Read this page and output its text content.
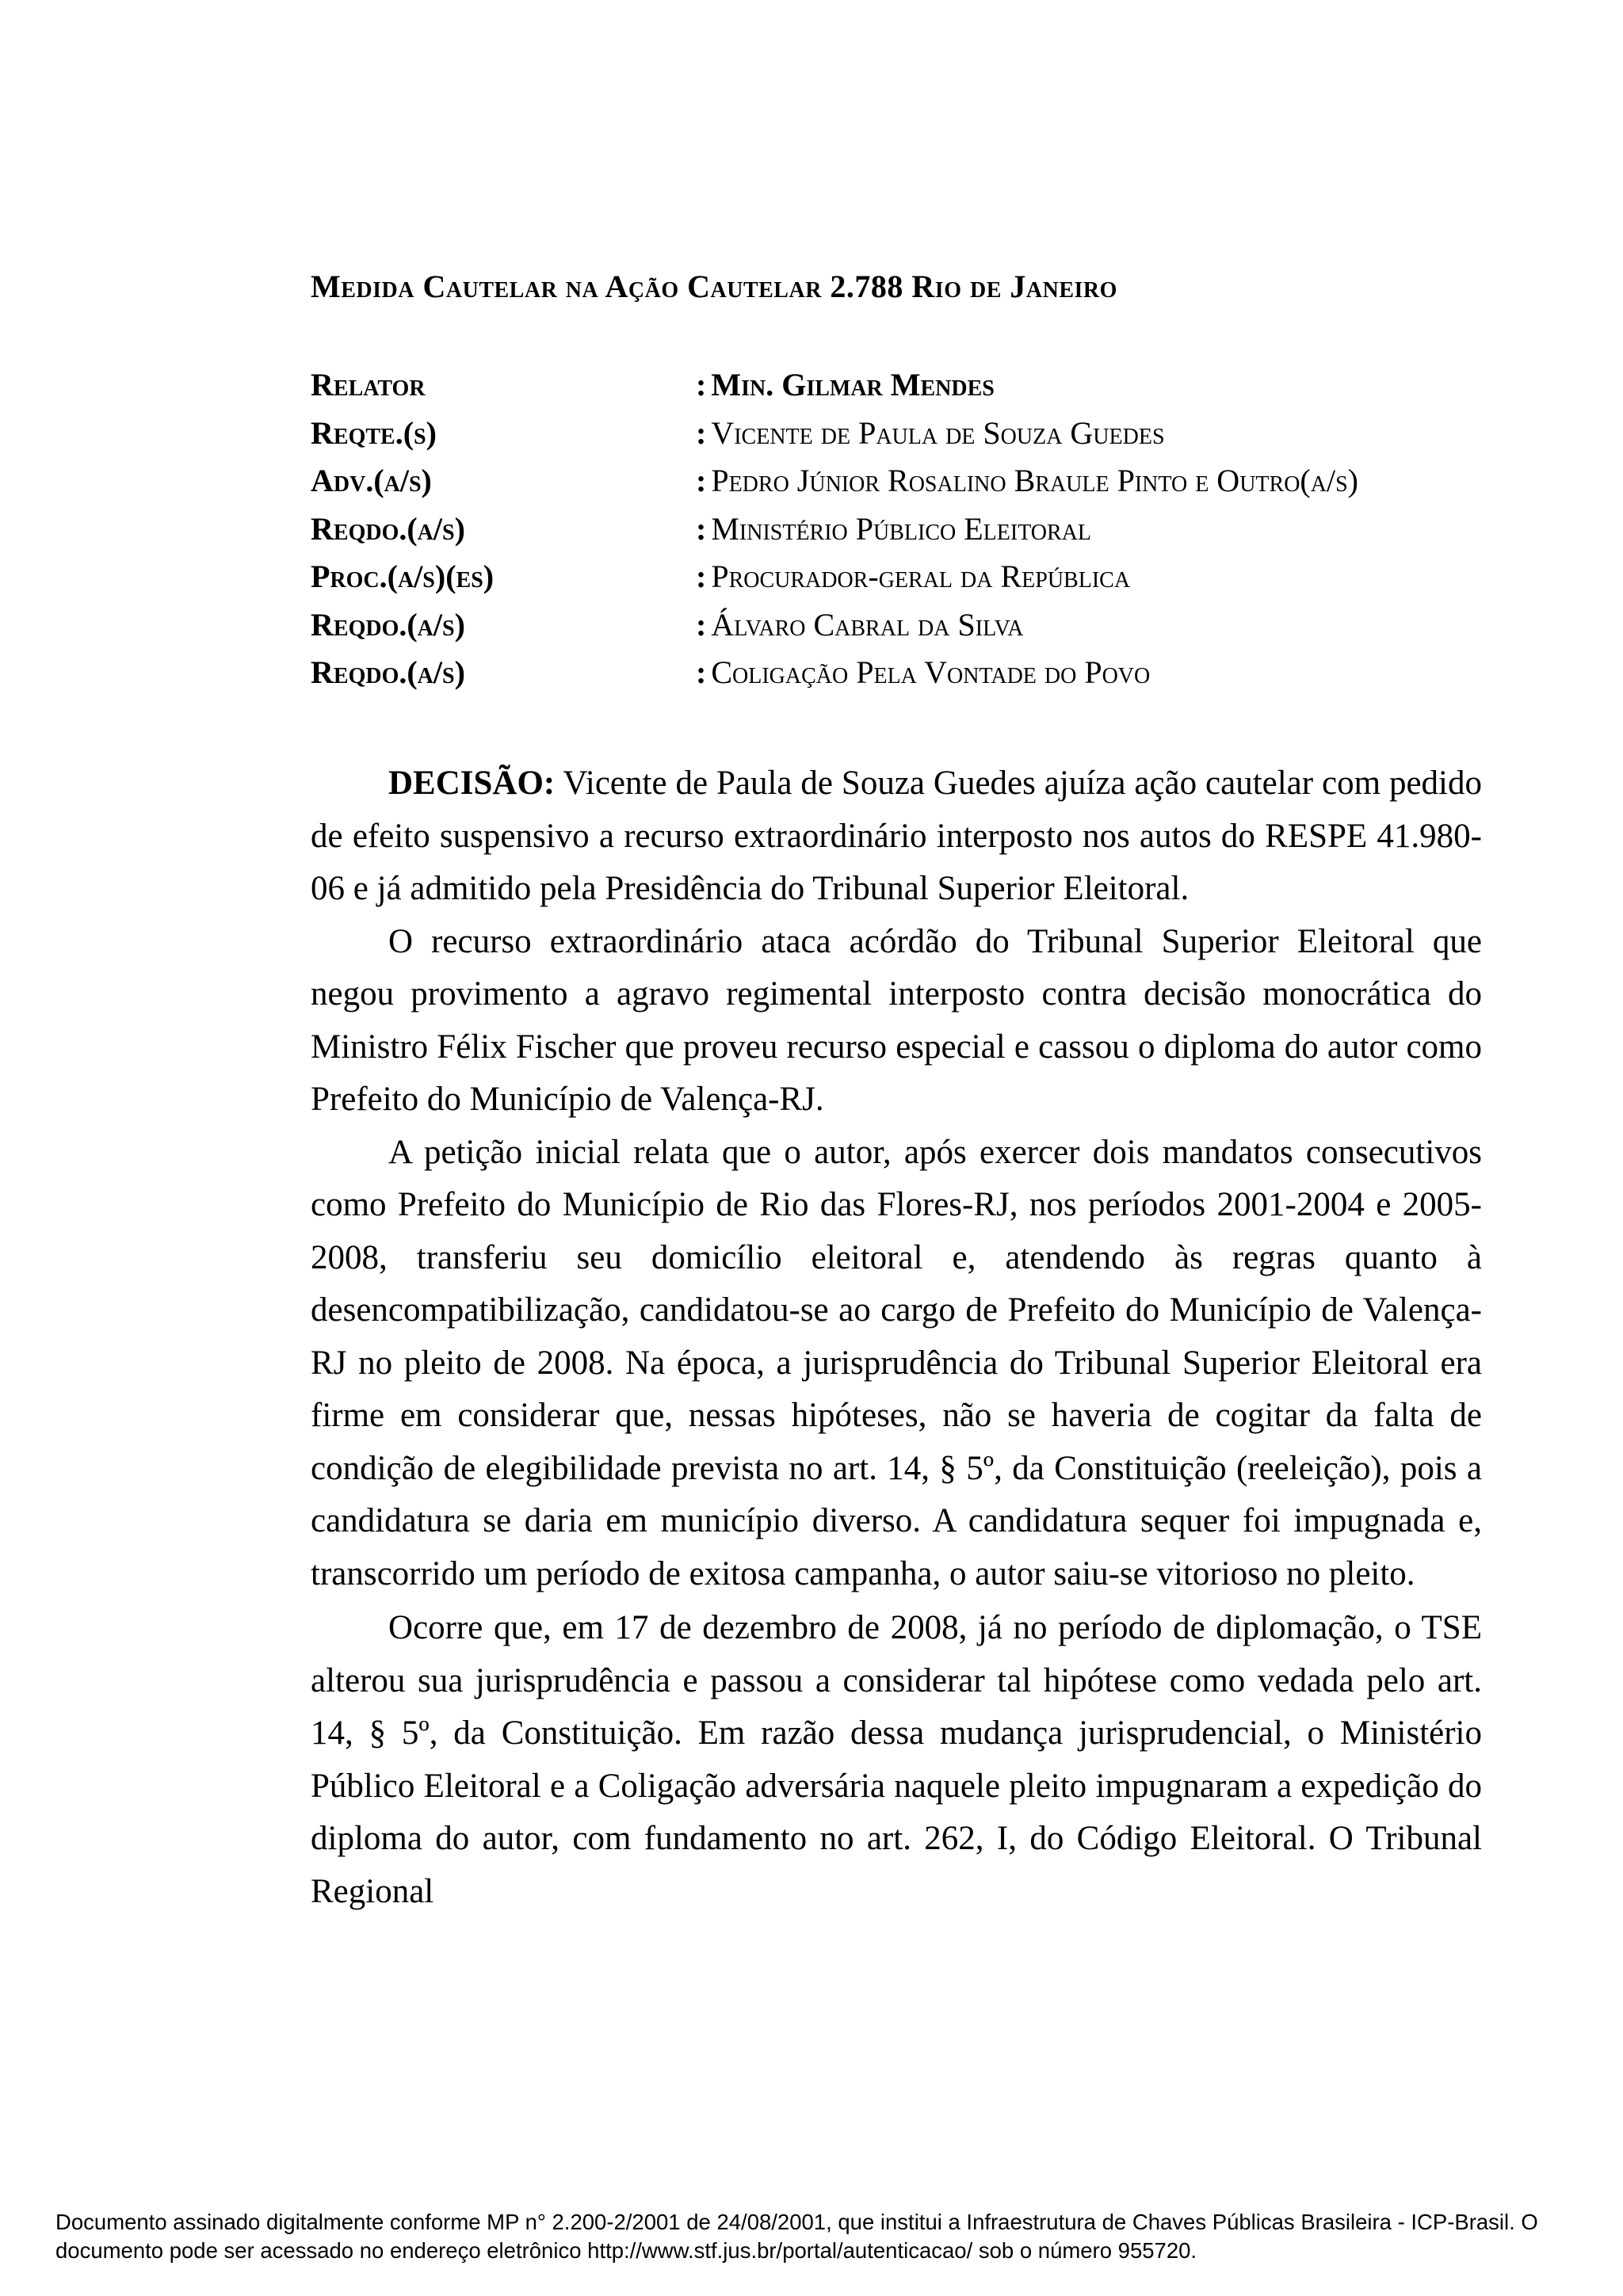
Medida Cautelar na Ação Cautelar 2.788 Rio de Janeiro
Relator	: Min. Gilmar Mendes
Reqte.(s)	: Vicente de Paula de Souza Guedes
Adv.(a/s)	: Pedro Júnior Rosalino Braule Pinto e Outro(a/s)
Reqdo.(a/s)	: Ministério Público Eleitoral
Proc.(a/s)(es)	: Procurador-geral da República
Reqdo.(a/s)	: Álvaro Cabral da Silva
Reqdo.(a/s)	: Coligação Pela Vontade do Povo

DECISÃO: Vicente de Paula de Souza Guedes ajuíza ação cautelar com pedido de efeito suspensivo a recurso extraordinário interposto nos autos do RESPE 41.980-06 e já admitido pela Presidência do Tribunal Superior Eleitoral.

O recurso extraordinário ataca acórdão do Tribunal Superior Eleitoral que negou provimento a agravo regimental interposto contra decisão monocrática do Ministro Félix Fischer que proveu recurso especial e cassou o diploma do autor como Prefeito do Município de Valença-RJ.

A petição inicial relata que o autor, após exercer dois mandatos consecutivos como Prefeito do Município de Rio das Flores-RJ, nos períodos 2001-2004 e 2005-2008, transferiu seu domicílio eleitoral e, atendendo às regras quanto à desencompatibilização, candidatou-se ao cargo de Prefeito do Município de Valença-RJ no pleito de 2008. Na época, a jurisprudência do Tribunal Superior Eleitoral era firme em considerar que, nessas hipóteses, não se haveria de cogitar da falta de condição de elegibilidade prevista no art. 14, § 5º, da Constituição (reeleição), pois a candidatura se daria em município diverso. A candidatura sequer foi impugnada e, transcorrido um período de exitosa campanha, o autor saiu-se vitorioso no pleito.

Ocorre que, em 17 de dezembro de 2008, já no período de diplomação, o TSE alterou sua jurisprudência e passou a considerar tal hipótese como vedada pelo art. 14, § 5º, da Constituição. Em razão dessa mudança jurisprudencial, o Ministério Público Eleitoral e a Coligação adversária naquele pleito impugnaram a expedição do diploma do autor, com fundamento no art. 262, I, do Código Eleitoral. O Tribunal Regional

Documento assinado digitalmente conforme MP n° 2.200-2/2001 de 24/08/2001, que institui a Infraestrutura de Chaves Públicas Brasileira - ICP-Brasil. O
documento pode ser acessado no endereço eletrônico http://www.stf.jus.br/portal/autenticacao/ sob o número 955720.
